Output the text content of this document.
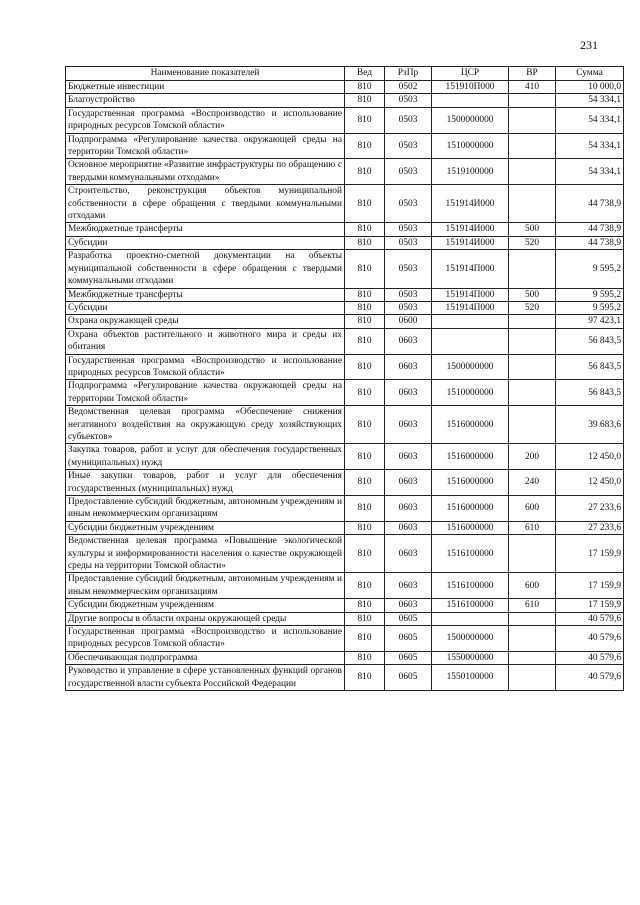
231
Наименование показателей	Вед	РзПр	ЦСР	ВР	Сумма
Бюджетные инвестиции	810	0502	151910П000	410	10 000,0
Благоустройство	810	0503			54 334,1
Государственная программа «Воспроизводство и использование природных ресурсов Томской области»	810	0503	1500000000		54 334,1
Подпрограмма «Регулирование качества окружающей среды на территории Томской области»	810	0503	1510000000		54 334,1
Основное мероприятие «Развитие инфраструктуры по обращению с твердыми коммунальными отходами»	810	0503	1519100000		54 334,1
Строительство, реконструкция объектов муниципальной собственности в сфере обращения с твердыми коммунальными отходами	810	0503	151914И000		44 738,9
Межбюджетные трансферты	810	0503	151914И000	500	44 738,9
Субсидии	810	0503	151914И000	520	44 738,9
Разработка проектно-сметной документации на объекты муниципальной собственности в сфере обращения с твердыми коммунальными отходами	810	0503	151914П000		9 595,2
Межбюджетные трансферты	810	0503	151914П000	500	9 595,2
Субсидии	810	0503	151914П000	520	9 595,2
Охрана окружающей среды	810	0600			97 423,1
Охрана объектов растительного и животного мира и среды их обитания	810	0603			56 843,5
Государственная программа «Воспроизводство и использование природных ресурсов Томской области»	810	0603	1500000000		56 843,5
Подпрограмма «Регулирование качества окружающей среды на территории Томской области»	810	0603	1510000000		56 843,5
Ведомственная целевая программа «Обеспечение снижения негативного воздействия на окружающую среду хозяйствующих субъектов»	810	0603	1516000000		39 683,6
Закупка товаров, работ и услуг для обеспечения государственных (муниципальных) нужд	810	0603	1516000000	200	12 450,0
Иные закупки товаров, работ и услуг для обеспечения государственных (муниципальных) нужд	810	0603	1516000000	240	12 450,0
Предоставление субсидий бюджетным, автономным учреждениям и иным некоммерческим организациям	810	0603	1516000000	600	27 233,6
Субсидии бюджетным учреждениям	810	0603	1516000000	610	27 233,6
Ведомственная целевая программа «Повышение экологической культуры и информированности населения о качестве окружающей среды на территории Томской области»	810	0603	1516100000		17 159,9
Предоставление субсидий бюджетным, автономным учреждениям и иным некоммерческим организациям	810	0603	1516100000	600	17 159,9
Субсидии бюджетным учреждениям	810	0603	1516100000	610	17 159,9
Другие вопросы в области охраны окружающей среды	810	0605			40 579,6
Государственная программа «Воспроизводство и использование природных ресурсов Томской области»	810	0605	1500000000		40 579,6
Обеспечивающая подпрограмма	810	0605	1550000000		40 579,6
Руководство и управление в сфере установленных функций органов государственной власти субъекта Российской Федерации	810	0605	1550100000		40 579,6
